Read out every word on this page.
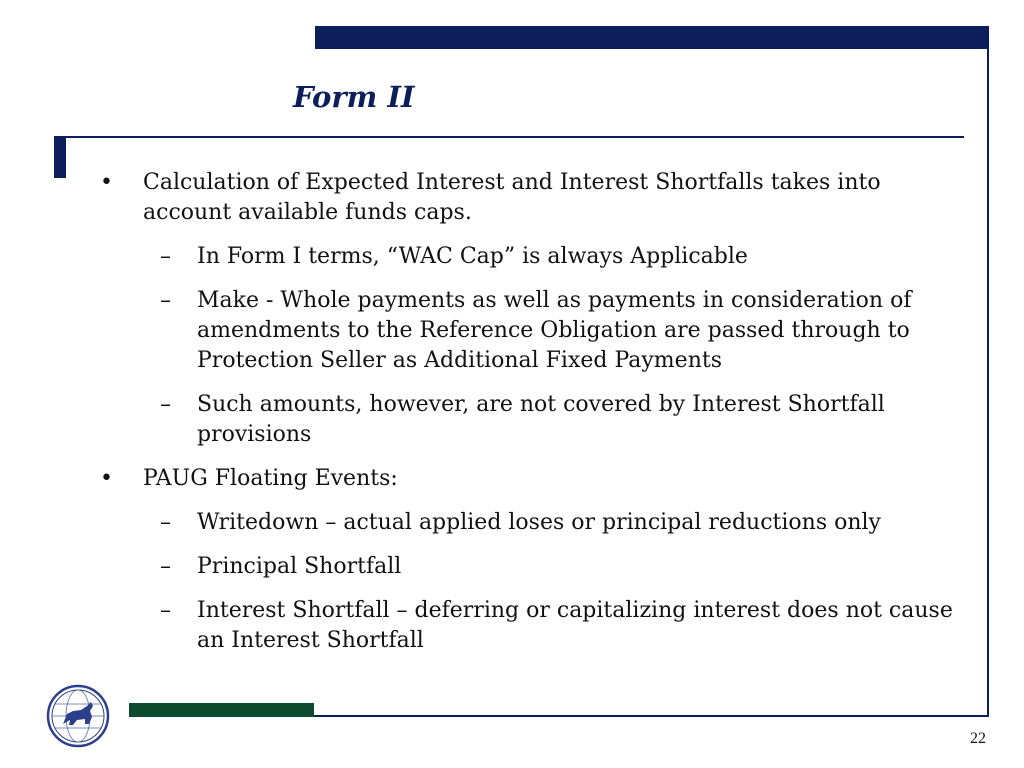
Form II
•	Calculation of Expected Interest and Interest Shortfalls takes into account available funds caps.
–	In Form I terms, “WAC Cap” is always Applicable
–	Make - Whole payments as well as payments in consideration of amendments to the Reference Obligation are passed through to Protection Seller as Additional Fixed Payments
–	Such amounts, however, are not covered by Interest Shortfall provisions
•	PAUG Floating Events:
–	Writedown – actual applied loses or principal reductions only
–	Principal Shortfall
–	Interest Shortfall – deferring or capitalizing interest does not cause an Interest Shortfall
22
